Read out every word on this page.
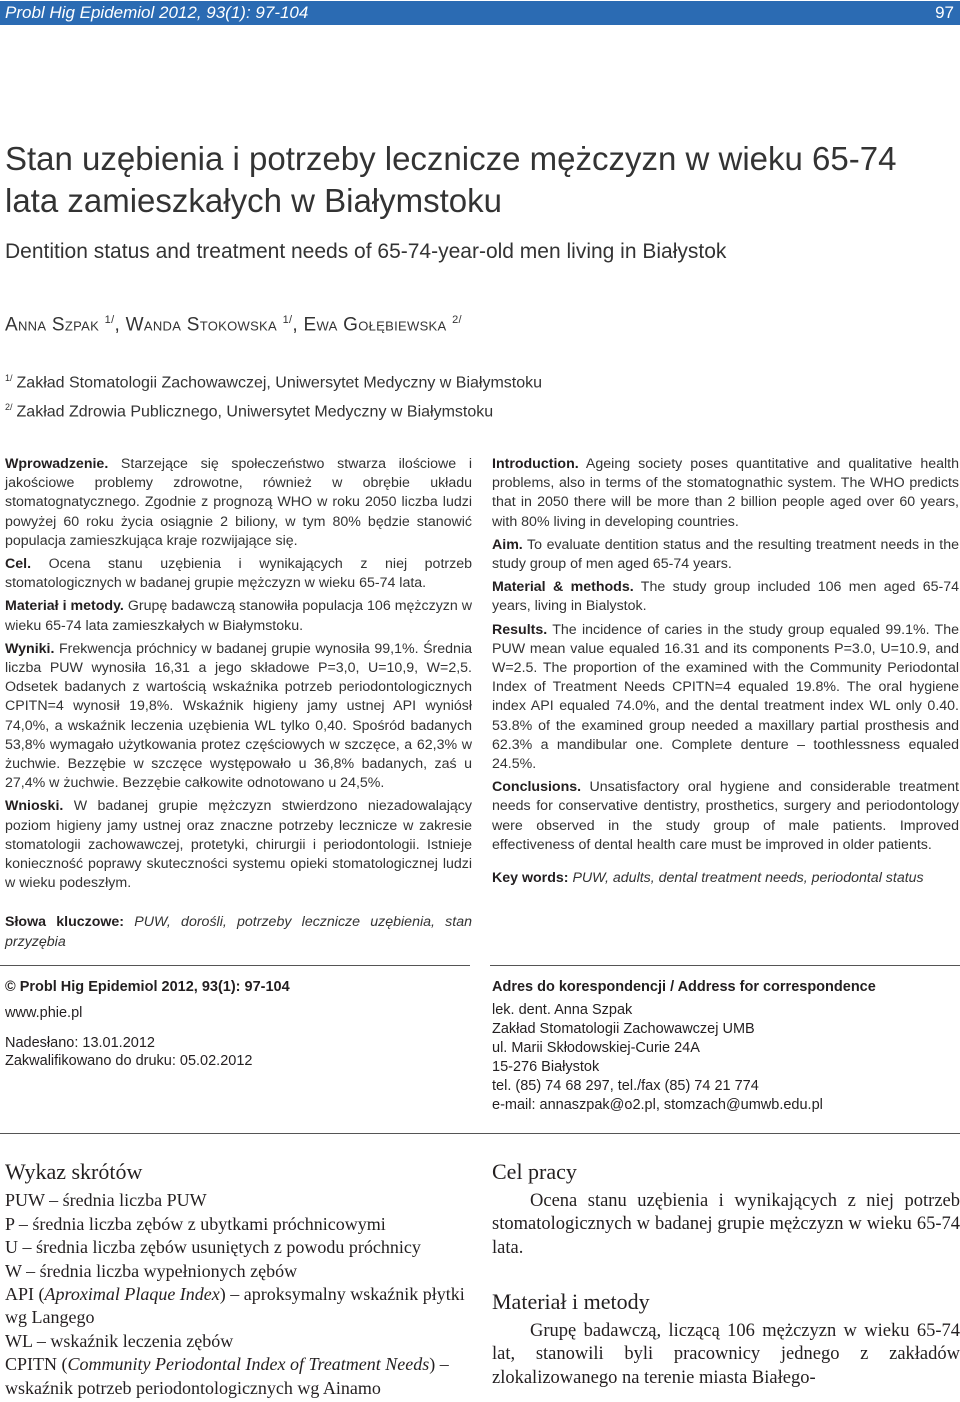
Probl Hig Epidemiol 2012, 93(1): 97-104	97
Stan uzębienia i potrzeby lecznicze mężczyzn w wieku 65-74 lata zamieszkałych w Białymstoku
Dentition status and treatment needs of 65-74-year-old men living in Białystok
Anna Szpak $^{1/}$, Wanda Stokowska $^{1/}$, Ewa Gołębiewska $^{2/}$
$^{1/}$ Zakład Stomatologii Zachowawczej, Uniwersytet Medyczny w Białymstoku
$^{2/}$ Zakład Zdrowia Publicznego, Uniwersytet Medyczny w Białymstoku

Wprowadzenie. Starzejące się społeczeństwo stwarza ilościowe i jakościowe problemy zdrowotne, również w obrębie układu stomatognatycznego. Zgodnie z prognozą WHO w roku 2050 liczba ludzi powyżej 60 roku życia osiągnie 2 biliony, w tym 80% będzie stanowić populacja zamieszkująca kraje rozwijające się.

Cel. Ocena stanu uzębienia i wynikających z niej potrzeb stomatologicznych w badanej grupie mężczyzn w wieku 65-74 lata.

Materiał i metody. Grupę badawczą stanowiła populacja 106 mężczyzn w wieku 65-74 lata zamieszkałych w Białymstoku.

Wyniki. Frekwencja próchnicy w badanej grupie wynosiła 99,1%. Średnia liczba PUW wynosiła 16,31 a jego składowe P=3,0, U=10,9, W=2,5. Odsetek badanych z wartością wskaźnika potrzeb periodontologicznych CPITN=4 wynosił 19,8%. Wskaźnik higieny jamy ustnej API wyniósł 74,0%, a wskaźnik leczenia uzębienia WL tylko 0,40. Spośród badanych 53,8% wymagało użytkowania protez częściowych w szczęce, a 62,3% w żuchwie. Bezzębie w szczęce występowało u 36,8% badanych, zaś u 27,4% w żuchwie. Bezzębie całkowite odnotowano u 24,5%.

Wnioski. W badanej grupie mężczyzn stwierdzono niezadowalający poziom higieny jamy ustnej oraz znaczne potrzeby lecznicze w zakresie stomatologii zachowawczej, protetyki, chirurgii i periodontologii. Istnieje konieczność poprawy skuteczności systemu opieki stomatologicznej ludzi w wieku podeszłym.

Słowa kluczowe: PUW, dorośli, potrzeby lecznicze uzębienia, stan przyzębia

Introduction. Ageing society poses quantitative and qualitative health problems, also in terms of the stomatognathic system. The WHO predicts that in 2050 there will be more than 2 billion people aged over 60 years, with 80% living in developing countries.

Aim. To evaluate dentition status and the resulting treatment needs in the study group of men aged 65-74 years.

Material & methods. The study group included 106 men aged 65-74 years, living in Bialystok.

Results. The incidence of caries in the study group equaled 99.1%. The PUW mean value equaled 16.31 and its components P=3.0, U=10.9, and W=2.5. The proportion of the examined with the Community Periodontal Index of Treatment Needs CPITN=4 equaled 19.8%. The oral hygiene index API equaled 74.0%, and the dental treatment index WL only 0.40. 53.8% of the examined group needed a maxillary partial prosthesis and 62.3% a mandibular one. Complete denture – toothlessness equaled 24.5%.

Conclusions. Unsatisfactory oral hygiene and considerable treatment needs for conservative dentistry, prosthetics, surgery and periodontology were observed in the study group of male patients. Improved effectiveness of dental health care must be improved in older patients.

Key words: PUW, adults, dental treatment needs, periodontal status

© Probl Hig Epidemiol 2012, 93(1): 97-104
www.phie.pl
Nadesłano: 13.01.2012
Zakwalifikowano do druku: 05.02.2012
Adres do korespondencji / Address for correspondence
lek. dent. Anna Szpak
Zakład Stomatologii Zachowawczej UMB
ul. Marii Skłodowskiej-Curie 24A
15-276 Białystok
tel. (85) 74 68 297, tel./fax (85) 74 21 774
e-mail: annaszpak@o2.pl, stomzach@umwb.edu.pl
Wykaz skrótów
PUW – średnia liczba PUW
P – średnia liczba zębów z ubytkami próchnicowymi
U – średnia liczba zębów usuniętych z powodu próchnicy
W – średnia liczba wypełnionych zębów
API (Aproximal Plaque Index) – aproksymalny wskaźnik płytki wg Langego
WL – wskaźnik leczenia zębów
CPITN (Community Periodontal Index of Treatment Needs) – wskaźnik potrzeb periodontologicznych wg Ainamo
Cel pracy

Ocena stanu uzębienia i wynikających z niej potrzeb stomatologicznych w badanej grupie mężczyzn w wieku 65-74 lata.

Materiał i metody

Grupę badawczą, liczącą 106 mężczyzn w wieku 65-74 lat, stanowili byli pracownicy jednego z zakładów zlokalizowanego na terenie miasta Białego-
